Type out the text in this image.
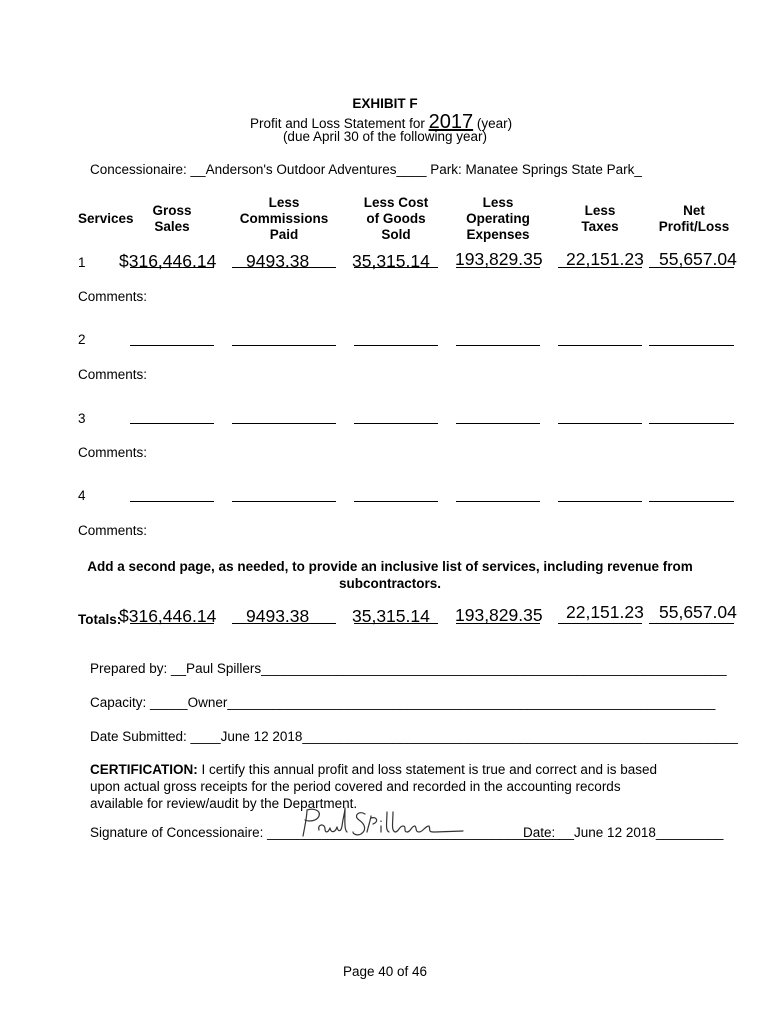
EXHIBIT F
Profit and Loss Statement for 2017 (year)
(due April 30 of the following year)
Concessionaire: __Anderson's Outdoor Adventures____ Park: Manatee Springs State Park_
Services
Gross
Sales
Less
Commissions
Paid
Less Cost
of Goods
Sold
Less
Operating
Expenses
Less
Taxes
Net
Profit/Loss
1 $316,446.14 9493.38 35,315.14 193,829.35 22,151.23 55,657.04
Comments:
2
Comments:
3
Comments:
4
Comments:
Add a second page, as needed, to provide an inclusive list of services, including revenue from
subcontractors.
Totals:
$316,446.14 9493.38 35,315.14 193,829.35 22,151.23 55,657.04
Prepared by: __Paul Spillers______________________________________________________________
Capacity: _____Owner_________________________________________________________________
Date Submitted: ____June 12 2018__________________________________________________________
CERTIFICATION: I certify this annual profit and loss statement is true and correct and is based
upon actual gross receipts for the period covered and recorded in the accounting records
available for review/audit by the Department.
Signature of Concessionaire: _______________________________________
Date: __June 12 2018_________
Page 40 of 46
